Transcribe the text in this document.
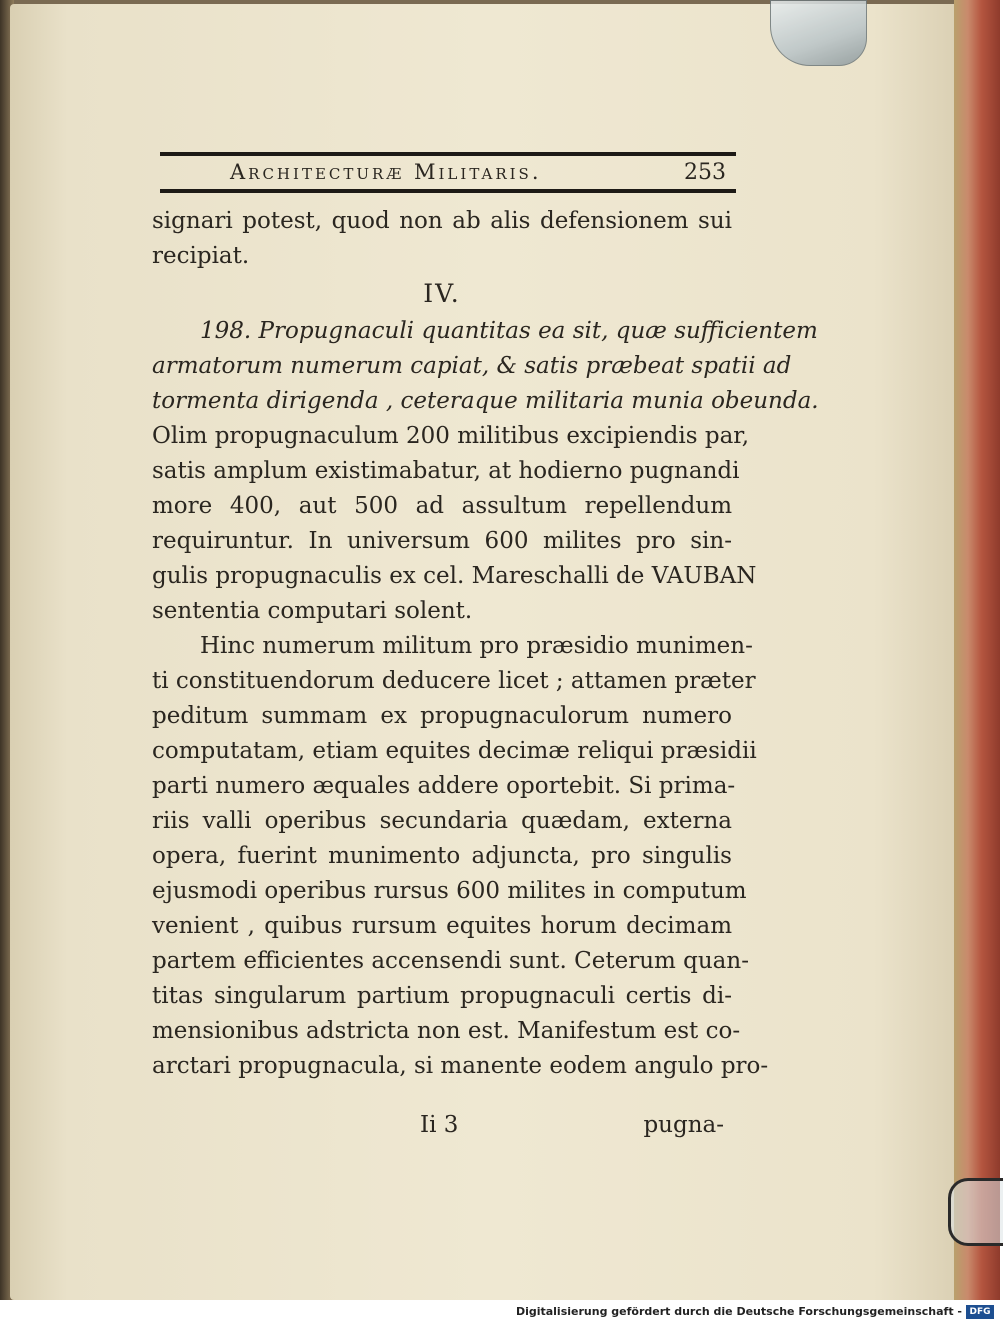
Architecturæ Militaris.	253
signari potest, quod non ab alis defensionem sui
recipiat.
IV.
198. Propugnaculi quantitas ea sit, quæ sufficientem
armatorum numerum capiat, & satis præbeat spatii ad
tormenta dirigenda , ceteraque militaria munia obeunda.
Olim propugnaculum 200 militibus excipiendis par,
satis amplum existimabatur, at hodierno pugnandi
more 400, aut 500 ad assultum repellendum
requiruntur. In universum 600 milites pro sin-
gulis propugnaculis ex cel. Mareschalli de VAUBAN
sententia computari solent.
Hinc numerum militum pro præsidio munimen-
ti constituendorum deducere licet ; attamen præter
peditum summam ex propugnaculorum numero
computatam, etiam equites decimæ reliqui præsidii
parti numero æquales addere oportebit. Si prima-
riis valli operibus secundaria quædam, externa
opera, fuerint munimento adjuncta, pro singulis
ejusmodi operibus rursus 600 milites in computum
venient , quibus rursum equites horum decimam
partem efficientes accensendi sunt. Ceterum quan-
titas singularum partium propugnaculi certis di-
mensionibus adstricta non est. Manifestum est co-
arctari propugnacula, si manente eodem angulo pro-
Ii 3	pugna-
Digitalisierung gefördert durch die Deutsche Forschungsgemeinschaft - DFG
